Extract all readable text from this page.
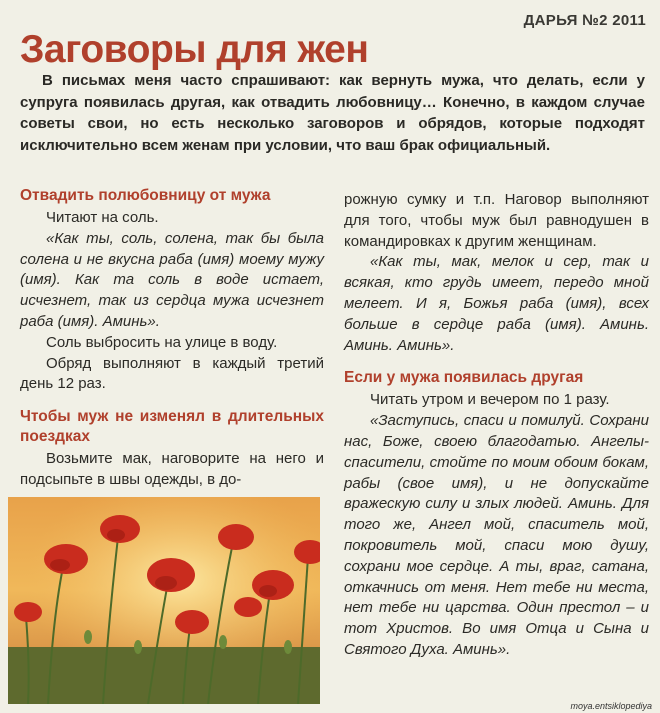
ДАРЬЯ №2 2011
Заговоры для жен
В письмах меня часто спрашивают: как вернуть мужа, что делать, если у супруга появилась другая, как отвадить любовницу… Конечно, в каждом случае советы свои, но есть несколько заговоров и обрядов, которые подходят исключительно всем женам при условии, что ваш брак официальный.
Отвадить полюбовницу от мужа

Читают на соль.

«Как ты, соль, солена, так бы была солена и не вкусна раба (имя) моему мужу (имя). Как та соль в воде истает, исчезнет, так из сердца мужа исчезнет раба (имя). Аминь».

Соль выбросить на улице в воду.

Обряд выполняют в каждый третий день 12 раз.

Чтобы муж не изменял в длительных поездках

Возьмите мак, наговорите на него и подсыпьте в швы одежды, в до-

рожную сумку и т.п. Наговор выполняют для того, чтобы муж был равнодушен в командировках к другим женщинам.

«Как ты, мак, мелок и сер, так и всякая, кто грудь имеет, передо мной мелеет. И я, Божья раба (имя), всех больше в сердце раба (имя). Аминь. Аминь. Аминь».

Если у мужа появилась другая

Читать утром и вечером по 1 разу.

«Заступись, спаси и помилуй. Сохрани нас, Боже, своею благодатью. Ангелы-спасители, стойте по моим обоим бокам, рабы (свое имя), и не допускайте вражескую силу и злых людей. Аминь. Для того же, Ангел мой, спаситель мой, покровитель мой, спаси мою душу, сохрани мое сердце. А ты, враг, сатана, откачнись от меня. Нет тебе ни места, нет тебе ни царства. Один престол – и тот Христов. Во имя Отца и Сына и Святого Духа. Аминь».

moya.entsiklopediya
